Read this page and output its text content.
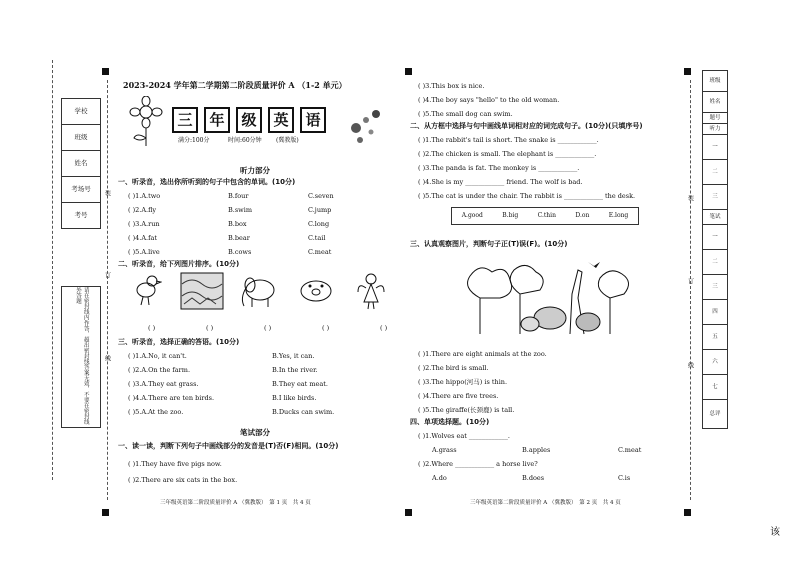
装
订
线
学校
班级
姓名
考场号
考号
请在密封线内作答，超出密封线答案无效，不要在密封线外答题
2023-2024 学年第二学期第二阶段质量评价 A （1-2 单元）
三	年	级	英	语
满分:100分	时间:60分钟 (冀教版)
听力部分
一、听录音，选出你所听到的句子中包含的单词。(10分)
( )1.A.two	B.four	C.seven
( )2.A.fly	B.swim	C.jump
( )3.A.run	B.box	C.long
( )4.A.fat	B.bear	C.tail
( )5.A.live	B.cows	C.meat
二、听录音，给下列图片排序。(10分)
( )	( )	( )	( )	( )
三、听录音，选择正确的答语。(10分)
( )1.A.No, it can't.	B.Yes, it can.
( )2.A.On the farm.	B.In the river.
( )3.A.They eat grass.	B.They eat meat.
( )4.A.There are ten birds.	B.I like birds.
( )5.A.At the zoo.	B.Ducks can swim.
笔试部分
一、读一读，判断下列句子中画线部分的发音是(T)否(F)相同。(10分)
( )1.They have five pigs now.
( )2.There are six cats in the box.
三年级英语第二阶段质量评价 A （冀教版）　第 1 页　共 4 页
( )3.This box is nice.
( )4.The boy says "hello" to the old woman.
( )5.The small dog can swim.
二、从方框中选择与句中画线单词相对应的词完成句子。(10分)(只填序号)
( )1.The rabbit's tail is short. The snake is ____________.
( )2.The chicken is small. The elephant is ____________.
( )3.The panda is fat. The monkey is ____________.
( )4.She is my ____________ friend. The wolf is bad.
( )5.The cat is under the chair. The rabbit is ____________ the desk.
A.good	B.big	C.thin	D.on	E.long
三、认真观察图片，判断句子正(T)误(F)。(10分)
( )1.There are eight animals at the zoo.
( )2.The bird is small.
( )3.The hippo(河马) is thin.
( )4.There are five trees.
( )5.The giraffe(长颈鹿) is tall.
四、单项选择题。(10分)
( )1.Wolves eat ____________.
A.grass	B.apples	C.meat
( )2.Where ____________ a horse live?
A.do	B.does	C.is
三年级英语第二阶段质量评价 A （冀教版）　第 2 页　共 4 页
装
订
线
班级
姓名
题号
听力
一
二
三
笔试
一
二
三
四
五
六
七
总评
该
